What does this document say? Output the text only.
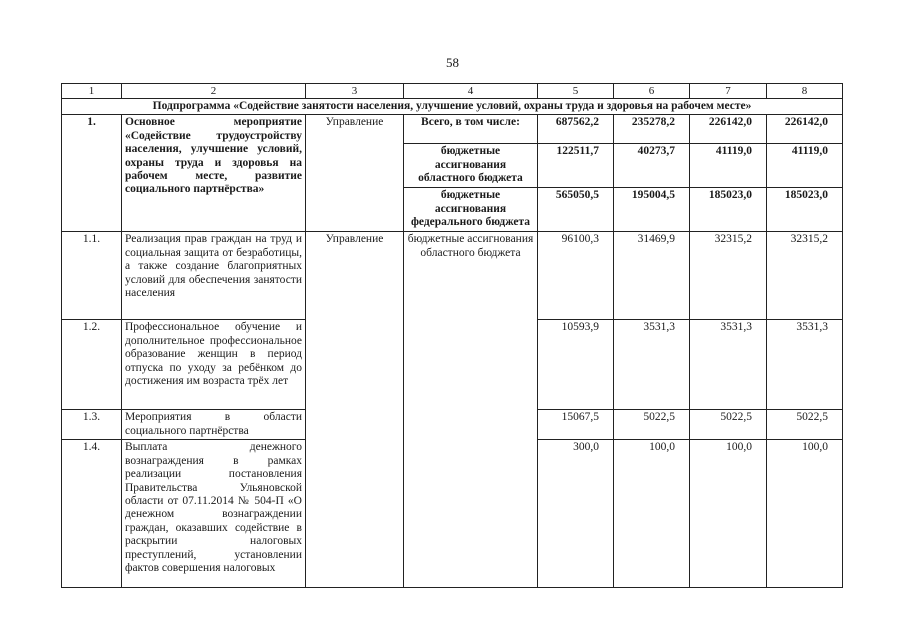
58
1	2	3	4	5	6	7	8
Подпрограмма «Содействие занятости населения, улучшение условий, охраны труда и здоровья на рабочем месте»							
1.	Основное мероприятие «Содействие трудоустройству населения, улучшение условий, охраны труда и здоровья на рабочем месте, развитие социального партнёрства»	Управление	Всего, в том числе:	687562,2	235278,2	226142,0	226142,0
			бюджетные ассигнования областного бюджета	122511,7	40273,7	41119,0	41119,0
			бюджетные ассигнования федерального бюджета	565050,5	195004,5	185023,0	185023,0
1.1.	Реализация прав граждан на труд и социальная защита от безработицы, а также создание благоприятных условий для обеспечения занятости населения	Управление	бюджетные ассигнования областного бюджета	96100,3	31469,9	32315,2	32315,2
1.2.	Профессиональное обучение и дополнительное профессиональное образование женщин в период отпуска по уходу за ребёнком до достижения им возраста трёх лет			10593,9	3531,3	3531,3	3531,3
1.3.	Мероприятия в области социального партнёрства			15067,5	5022,5	5022,5	5022,5
1.4.	Выплата денежного вознаграждения в рамках реализации постановления Правительства Ульяновской области от 07.11.2014 № 504-П «О денежном вознаграждении граждан, оказавших содействие в раскрытии налоговых преступлений, установлении фактов совершения налоговых			300,0	100,0	100,0	100,0
